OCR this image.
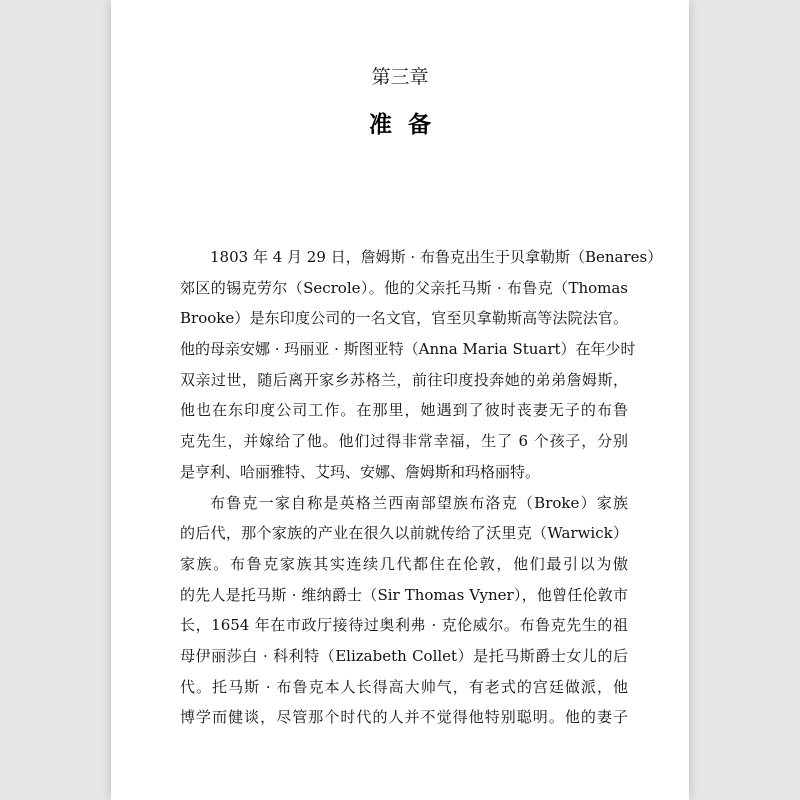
第三章
准备
1803 年 4 月 29 日，詹姆斯 · 布鲁克出生于贝拿勒斯（Benares）
郊区的锡克劳尔（Secrole）。他的父亲托马斯 · 布鲁克（Thomas
Brooke）是东印度公司的一名文官，官至贝拿勒斯高等法院法官。
他的母亲安娜 · 玛丽亚 · 斯图亚特（Anna Maria Stuart）在年少时
双亲过世，随后离开家乡苏格兰，前往印度投奔她的弟弟詹姆斯，
他也在东印度公司工作。在那里，她遇到了彼时丧妻无子的布鲁
克先生，并嫁给了他。他们过得非常幸福，生了 6 个孩子，分别
是亨利、哈丽雅特、艾玛、安娜、詹姆斯和玛格丽特。
布鲁克一家自称是英格兰西南部望族布洛克（Broke）家族
的后代，那个家族的产业在很久以前就传给了沃里克（Warwick）
家族。布鲁克家族其实连续几代都住在伦敦，他们最引以为傲
的先人是托马斯 · 维纳爵士（Sir Thomas Vyner），他曾任伦敦市
长，1654 年在市政厅接待过奥利弗 · 克伦威尔。布鲁克先生的祖
母伊丽莎白 · 科利特（Elizabeth Collet）是托马斯爵士女儿的后
代。托马斯 · 布鲁克本人长得高大帅气，有老式的宫廷做派，他
博学而健谈，尽管那个时代的人并不觉得他特别聪明。他的妻子
